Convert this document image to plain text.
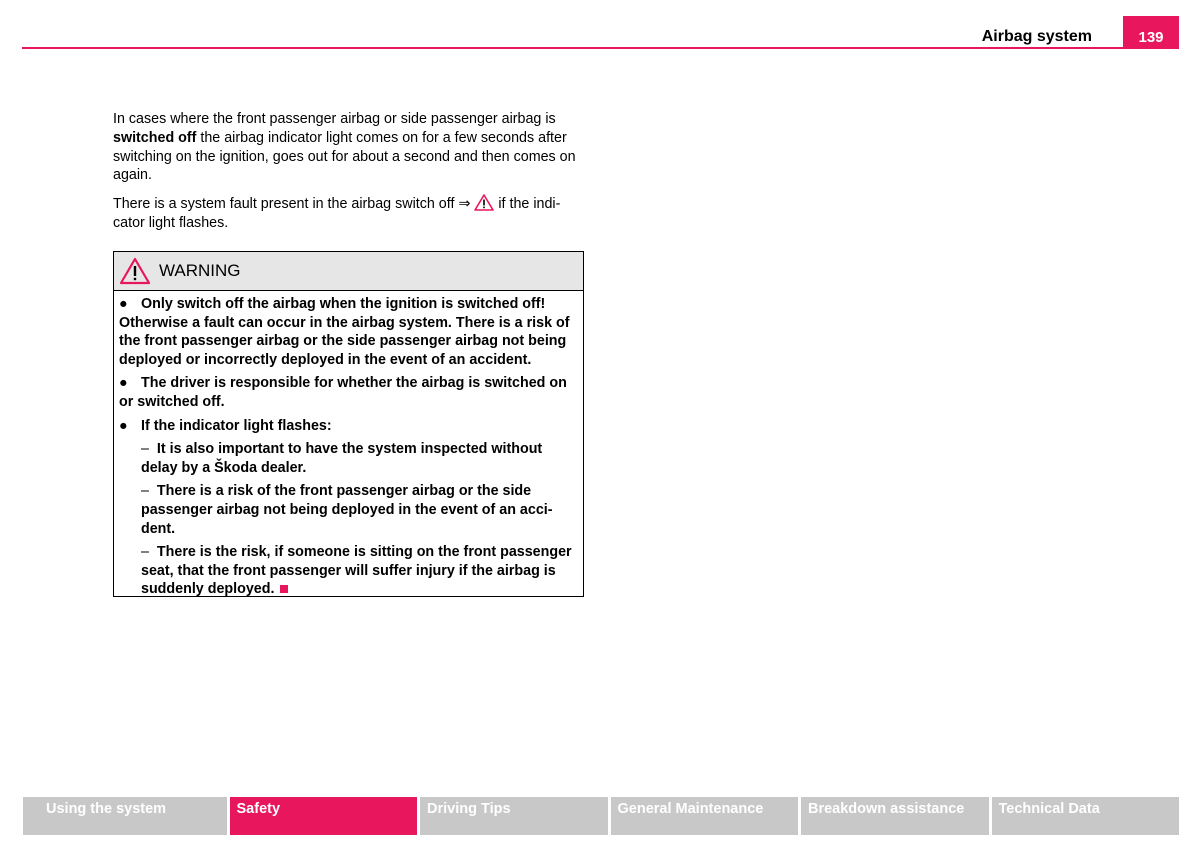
Airbag system	139

In cases where the front passenger airbag or side passenger airbag is switched off the airbag indicator light comes on for a few seconds after switching on the ignition, goes out for about a second and then comes on again.

There is a system fault present in the airbag switch off ⇒  if the indi-cator light flashes.

WARNING
● Only switch off the airbag when the ignition is switched off! Otherwise a fault can occur in the airbag system. There is a risk of the front passenger airbag or the side passenger airbag not being deployed or incorrectly deployed in the event of an accident.
● The driver is responsible for whether the airbag is switched on or switched off.
● If the indicator light flashes:
–  It is also important to have the system inspected without delay by a Škoda dealer.
–  There is a risk of the front passenger airbag or the side passenger airbag not being deployed in the event of an acci-dent.
–  There is the risk, if someone is sitting on the front passenger seat, that the front passenger will suffer injury if the airbag is suddenly deployed.
Using the system	Safety	Driving Tips	General Maintenance	Breakdown assistance	Technical Data
